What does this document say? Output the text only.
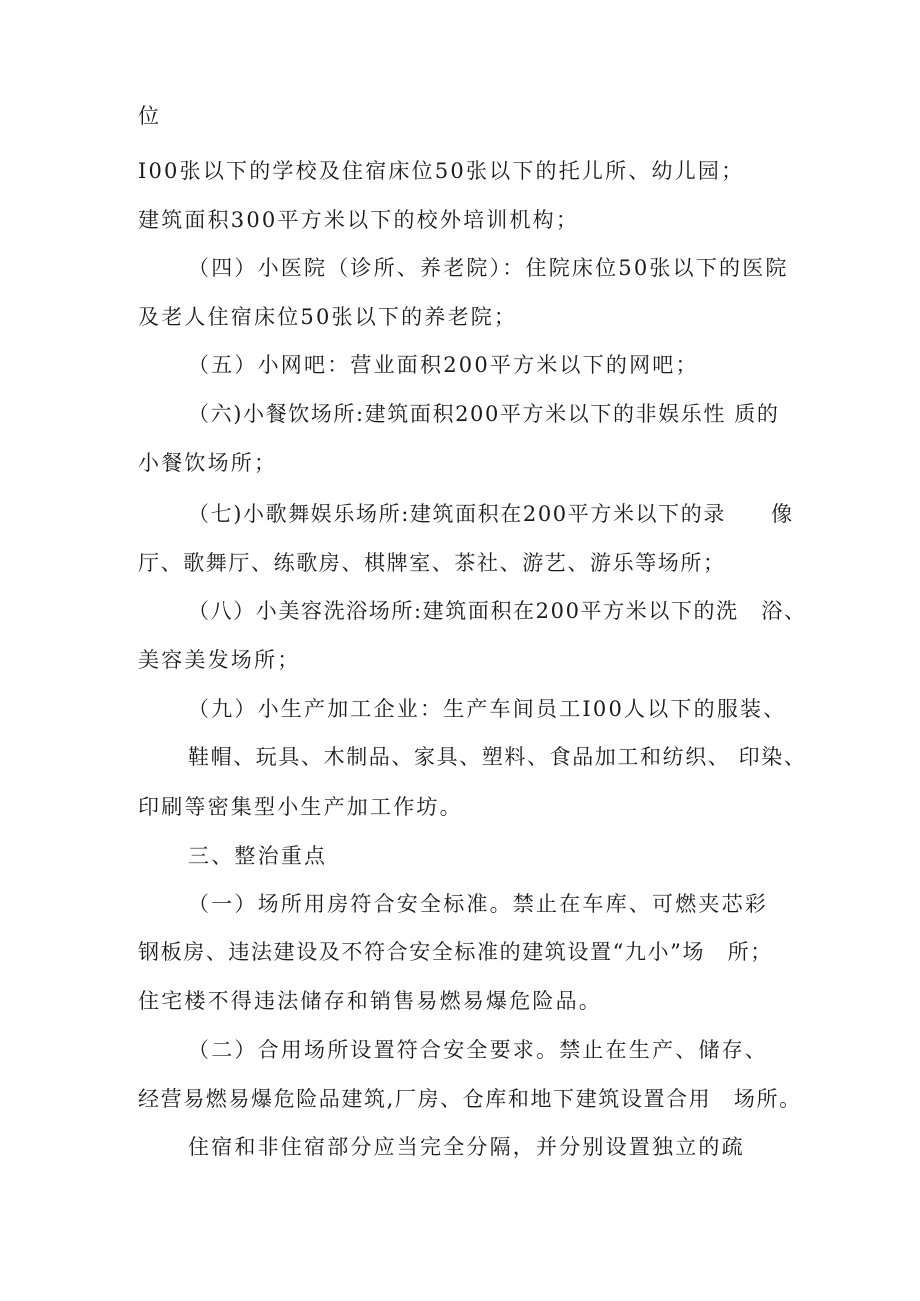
位
I00张以下的学校及住宿床位50张以下的托儿所、幼儿园；
建筑面积300平方米以下的校外培训机构；
（四）小医院（诊所、养老院）：住院床位50张以下的医院
及老人住宿床位50张以下的养老院；
（五）小网吧：营业面积200平方米以下的网吧；
（六)小餐饮场所:建筑面积200平方米以下的非娱乐性 质的
小餐饮场所；
（七)小歌舞娱乐场所:建筑面积在200平方米以下的录　　像
厅、歌舞厅、练歌房、棋牌室、茶社、游艺、游乐等场所；
（八）小美容洗浴场所:建筑面积在200平方米以下的洗　浴、
美容美发场所；
（九）小生产加工企业：生产车间员工I00人以下的服装、
鞋帽、玩具、木制品、家具、塑料、食品加工和纺织、 印染、
印刷等密集型小生产加工作坊。
三、整治重点
（一）场所用房符合安全标准。禁止在车库、可燃夹芯彩
钢板房、违法建设及不符合安全标准的建筑设置“九小”场　所；
住宅楼不得违法储存和销售易燃易爆危险品。
（二）合用场所设置符合安全要求。禁止在生产、储存、
经营易燃易爆危险品建筑,厂房、仓库和地下建筑设置合用　场所。
住宿和非住宿部分应当完全分隔，并分别设置独立的疏
